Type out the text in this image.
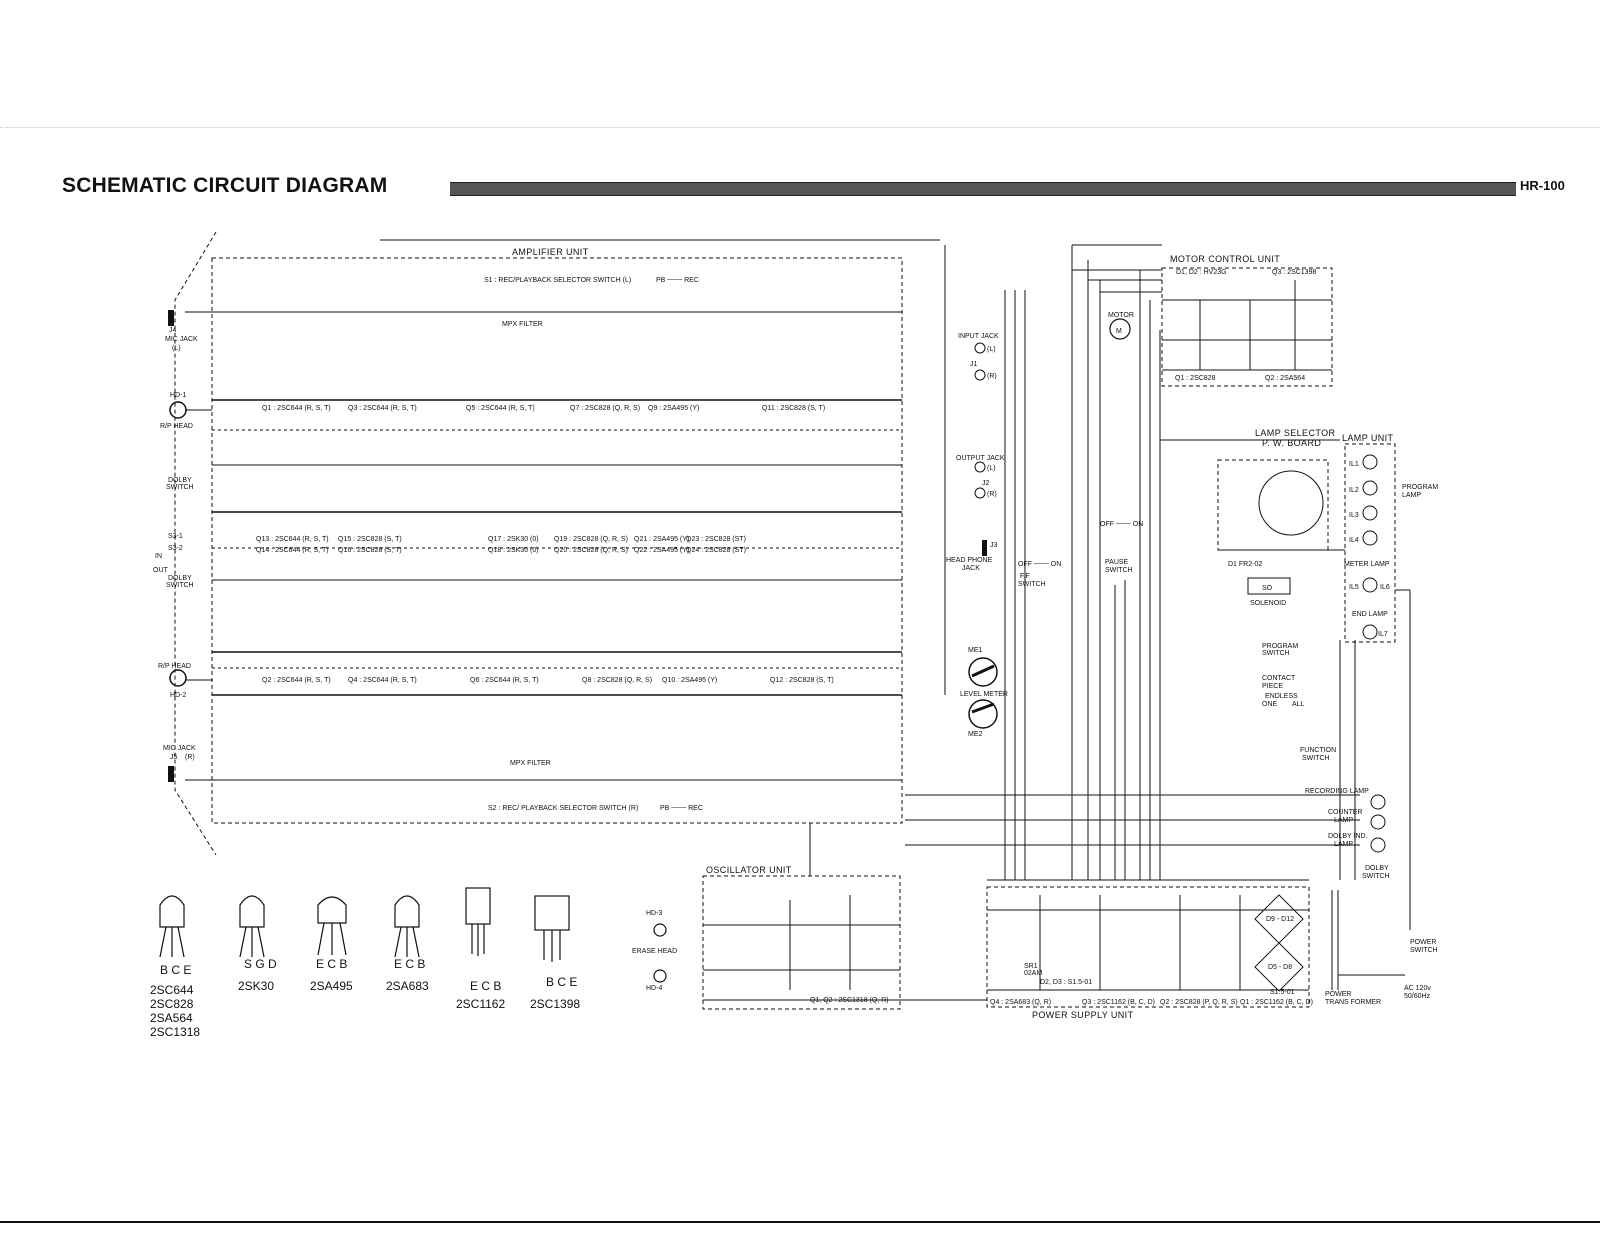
SCHEMATIC CIRCUIT DIAGRAM	HR-100
M
MOTOR
ME1
LEVEL METER
ME2
AMPLIFIER UNIT
MOTOR CONTROL UNIT
OSCILLATOR UNIT
POWER SUPPLY UNIT
LAMP UNIT
LAMP SELECTOR
P. W. BOARD
S1 : REC/PLAYBACK SELECTOR SWITCH (L)	PB ─── REC
S2 : REC/ PLAYBACK SELECTOR SWITCH (R)	PB ─── REC
D1, D2 : HV23G	Q3 : 2SC1398
Q1 : 2SC828	Q2 : 2SA564
J4
MIC JACK
(L)
HD-1
R/P HEAD
R/P HEAD
HD-2
MIC JACK
J5 (R)
INPUT JACK
J1
(L)
(R)
OUTPUT JACK
J2
(L)
(R)
J3
HEAD PHONE
JACK
Q1 : 2SC644 (R, S, T) Q3 : 2SC644 (R, S, T)	Q5 : 2SC644 (R, S, T)	Q7 : 2SC828 (Q, R, S) Q9 : 2SA495 (Y)	Q11 : 2SC828 (S, T)
Q13 : 2SC644 (R, S, T) Q15 : 2SC828 (S, T)	Q17 : 2SK30 (0) Q19 : 2SC828 (Q, R, S) Q21 : 2SA495 (Y)
Q23 : 2SC828 (ST)
Q14 : 2SC644 (R, S, T) Q16 : 2SC828 (S, T)	Q18 : 2SK30 (0) Q20 : 2SC828 (Q, R, S) Q22 : 2SA495 (Y)
Q24 : 2SC828 (ST)
Q2 : 2SC644 (R, S, T) Q4 : 2SC644 (R, S, T)	Q6 : 2SC644 (R, S, T)	Q8 : 2SC828 (Q, R, S) Q10 : 2SA495 (Y)	Q12 : 2SC828 (S, T)
MPX FILTER
MPX FILTER
DOLBY
SWITCH
S3-1
S3-2
DOLBY
SWITCH
IN
OUT
F.F
SWITCH
OFF ─── ON	PAUSE
SWITCH
OFF ─── ON
PROGRAM
SWITCH
CONTACT
PIECE
ENDLESS
ONE ALL
FUNCTION
SWITCH
POWER
SWITCH
PROGRAM
LAMP
METER LAMP
END LAMP
RECORDING LAMP
COUNTER
LAMP
DOLBY IND.
LAMP
DOLBY
SWITCH
IL1
IL2
IL3
IL4
IL5	IL6
IL7
D1 FR2-02
SO
SOLENOID
HD-3
ERASE HEAD
HD-4
Q1, Q2 : 2SC1318 (Q, R)	Q4 : 2SA683 (Q, R)	Q3 : 2SC1162 (B, C, D) Q2 : 2SC828 (P, Q, R, S) Q1 : 2SC1162 (B, C, D)
D2, D3 : S1.5-01
D9 - D12
D5 - D8
S1.5-01
SR1
02AM
POWER
TRANS FORMER
AC 120v
50/60Hz
B C E
2SC644
2SC828
2SA564
2SC1318
S G D
2SK30
E C B
2SA495
E C B
2SA683	E C B
2SC1162
B C E
2SC1398
